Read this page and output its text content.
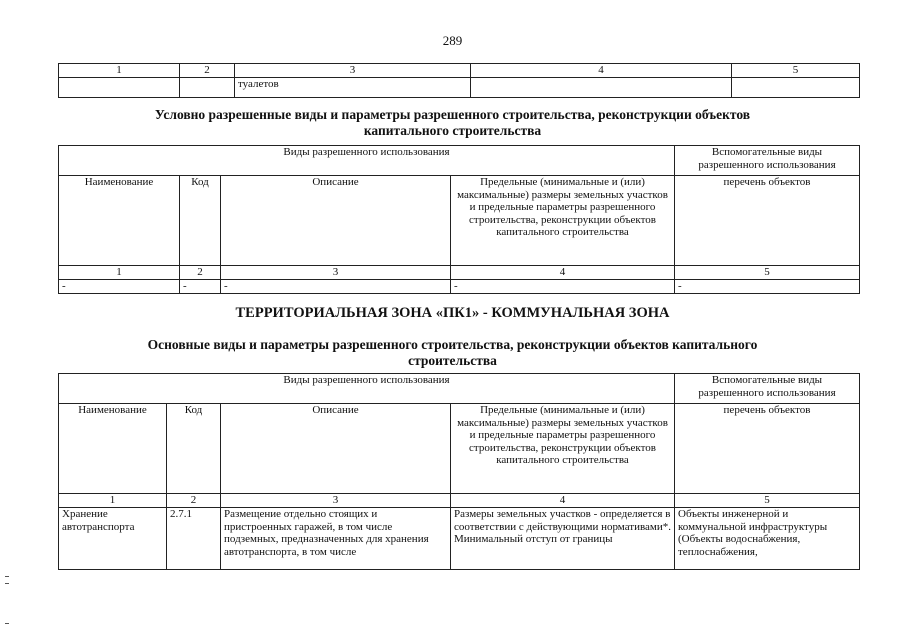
289
1	2	3	4	5
		туалетов		
Условно разрешенные виды и параметры разрешенного строительства, реконструкции объектов
капитального строительства
Виды разрешенного использования				Вспомогательные виды разрешенного использования
Наименование	Код	Описание	Предельные (минимальные и (или) максимальные) размеры земельных участков и предельные параметры разрешенного строительства, реконструкции объектов капитального строительства	перечень объектов
1	2	3	4	5
-	-	-	-	-
ТЕРРИТОРИАЛЬНАЯ ЗОНА «ПК1» - КОММУНАЛЬНАЯ ЗОНА
Основные виды и параметры разрешенного строительства, реконструкции объектов капитального
строительства
Виды разрешенного использования				Вспомогательные виды разрешенного использования
Наименование	Код	Описание	Предельные (минимальные и (или) максимальные) размеры земельных участков и предельные параметры разрешенного строительства, реконструкции объектов капитального строительства	перечень объектов
1	2	3	4	5
Хранение автотранспорта	2.7.1	Размещение отдельно стоящих и пристроенных гаражей, в том числе подземных, предназначенных для хранения автотранспорта, в том числе	Размеры земельных участков - определяется в соответствии с действующими нормативами*. Минимальный отступ от границы	Объекты инженерной и коммунальной инфраструктуры (Объекты водоснабжения, теплоснабжения,
